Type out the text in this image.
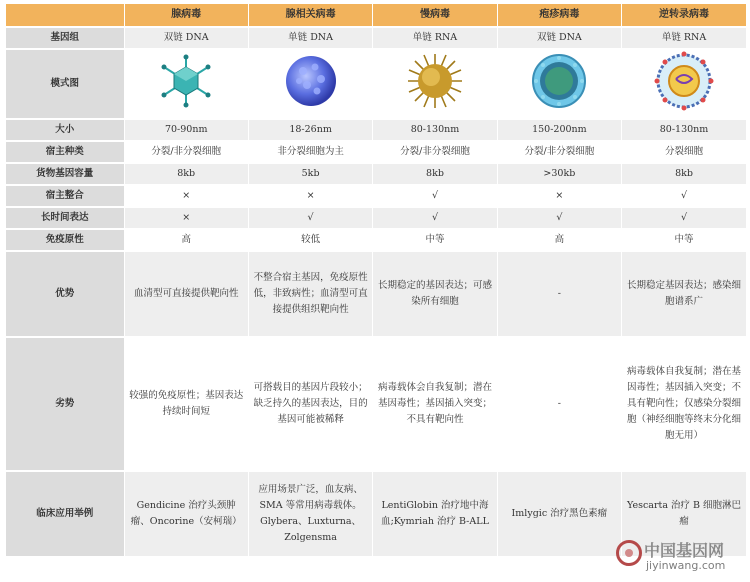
	腺病毒	腺相关病毒	慢病毒	疱疹病毒	逆转录病毒
基因组	双链 DNA	单链 DNA	单链 RNA	双链 DNA	单链 RNA
模式图					
大小	70-90nm	18-26nm	80-130nm	150-200nm	80-130nm
宿主种类	分裂/非分裂细胞	非分裂细胞为主	分裂/非分裂细胞	分裂/非分裂细胞	分裂细胞
货物基因容量	8kb	5kb	8kb	>30kb	8kb
宿主整合	×	×	√	×	√
长时间表达	×	√	√	√	√
免疫原性	高	较低	中等	高	中等
优势	血清型可直接提供靶向性	不整合宿主基因，免疫原性低，非致病性；血清型可直接提供组织靶向性	长期稳定的基因表达；可感染所有细胞	-	长期稳定基因表达；感染细胞谱系广
劣势	较强的免疫原性；基因表达持续时间短	可搭载目的基因片段较小；缺乏持久的基因表达，目的基因可能被稀释	病毒载体会自我复制；潜在基因毒性；基因插入突变；不具有靶向性	-	病毒载体自我复制；潜在基因毒性；基因插入突变；不具有靶向性；仅感染分裂细胞（神经细胞等终末分化细胞无用）
临床应用举例	Gendicine 治疗头颈肿瘤、Oncorine（安柯瑞）	应用场景广泛，血友病、SMA 等常用病毒载体。Glybera、Luxturna、Zolgensma	LentiGlobin 治疗地中海血;Kymriah 治疗 B-ALL	Imlygic 治疗黑色素瘤	Yescarta 治疗 B 细胞淋巴瘤
中国基因网
jiyinwang.com
